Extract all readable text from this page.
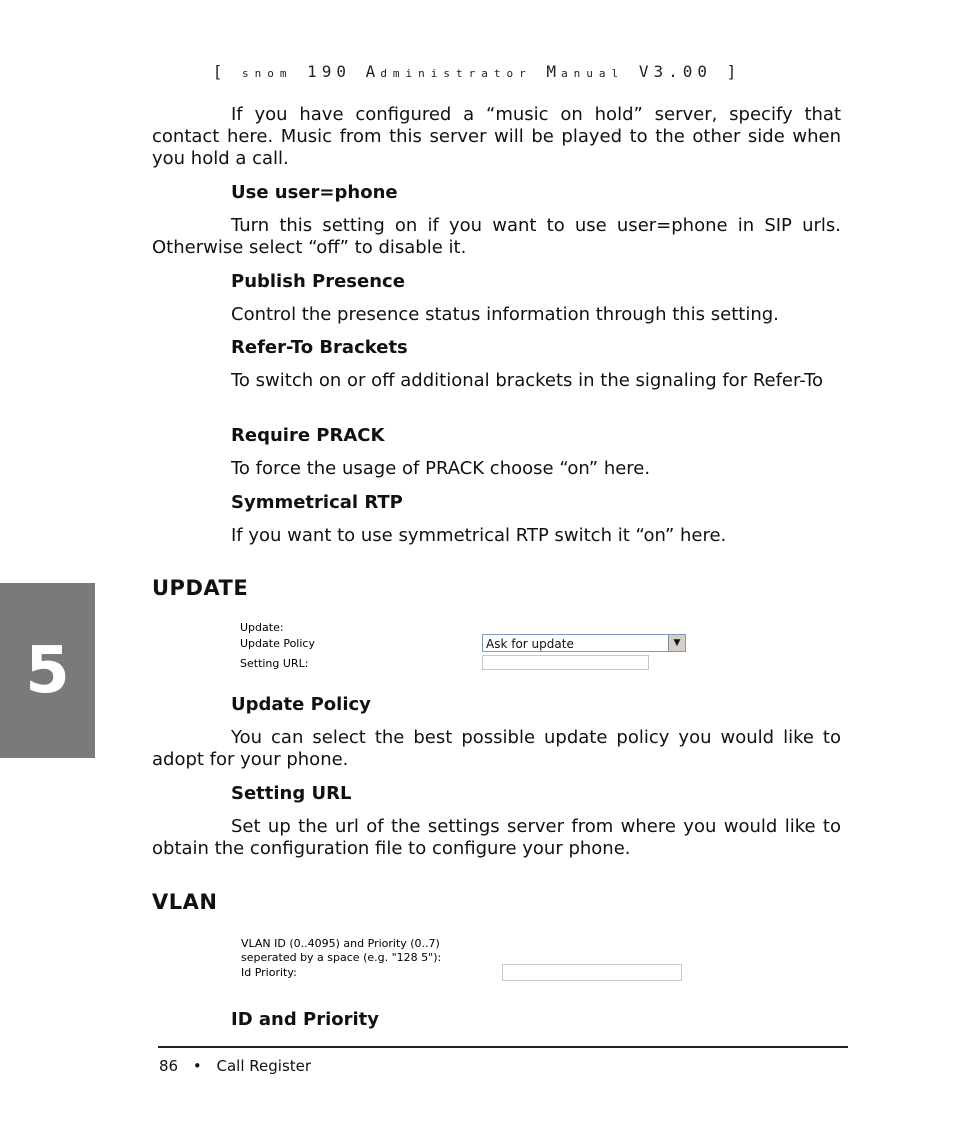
[ snom 190 Administrator Manual V3.00 ]

If you have configured a “music on hold” server, specify that contact here. Music from this server will be played to the other side when you hold a call.

Use user=phone

Turn this setting on if you want to use user=phone in SIP urls. Otherwise select “off” to disable it.

Publish Presence

Control the presence status information through this setting.

Refer-To Brackets

To switch on or off additional brackets in the signaling for Refer-To

Require PRACK

To force the usage of PRACK choose “on” here.

Symmetrical RTP

If you want to use symmetrical RTP switch it “on” here.

UPDATE

5
Update:
Update Policy
Setting URL:
Ask for update	▼

Update Policy

You can select the best possible update policy you would like to adopt for your phone.

Setting URL

Set up the url of the settings server from where you would like to obtain the configuration file to configure your phone.

VLAN

VLAN ID (0..4095) and Priority (0..7)
seperated by a space (e.g. "128 5"):
Id Priority:

ID and Priority

86 • Call Register
